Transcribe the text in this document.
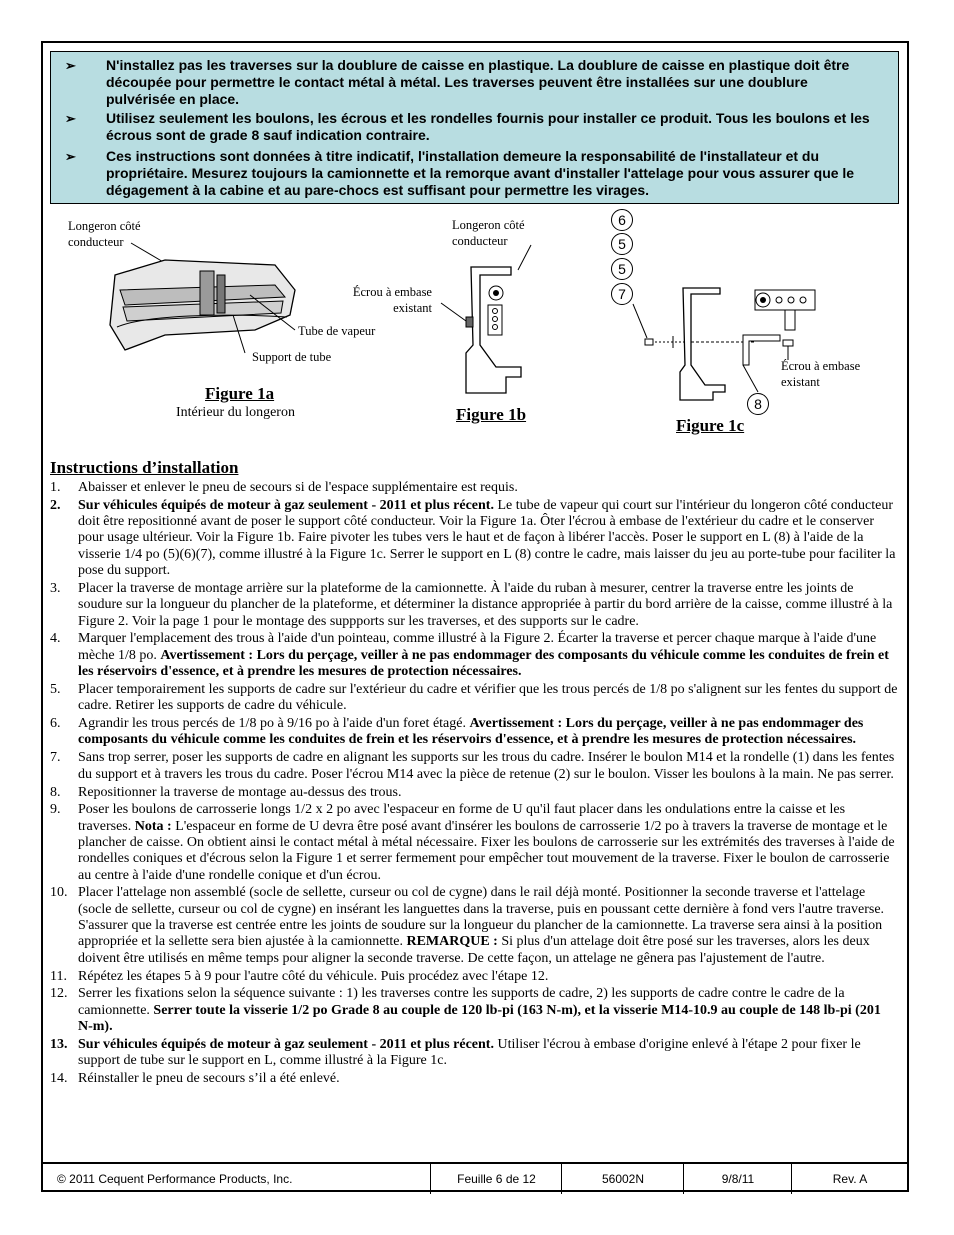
➢ N'installez pas les traverses sur la doublure de caisse en plastique. La doublure de caisse en plastique doit être découpée pour permettre le contact métal à métal. Les traverses peuvent être installées sur une doublure pulvérisée en place.
➢ Utilisez seulement les boulons, les écrous et les rondelles fournis pour installer ce produit. Tous les boulons et les écrous sont de grade 8 sauf indication contraire.
➢ Ces instructions sont données à titre indicatif, l'installation demeure la responsabilité de l'installateur et du propriétaire. Mesurez toujours la camionnette et la remorque avant d'installer l'attelage pour vous assurer que le dégagement à la cabine et au pare-chocs est suffisant pour permettre les virages.
Longeron côté
conducteur
Tube de vapeur
Support de tube
Figure 1a
Intérieur du longeron
Longeron côté
conducteur
Écrou à embase
existant
Figure 1b
6
5
5
7
Écrou à embase
existant
8
Figure 1c
Instructions d’installation
1. Abaisser et enlever le pneu de secours si de l'espace supplémentaire est requis.
2. Sur véhicules équipés de moteur à gaz seulement - 2011 et plus récent. Le tube de vapeur qui court sur l'intérieur du longeron côté conducteur doit être repositionné avant de poser le support côté conducteur. Voir la Figure 1a. Ôter l'écrou à embase de l'extérieur du cadre et le conserver pour usage ultérieur. Voir la Figure 1b. Faire pivoter les tubes vers le haut et de façon à libérer l'accès. Poser le support en L (8) à l'aide de la visserie 1/4 po (5)(6)(7), comme illustré à la Figure 1c. Serrer le support en L (8) contre le cadre, mais laisser du jeu au porte-tube pour faciliter la pose du support.
3. Placer la traverse de montage arrière sur la plateforme de la camionnette. À l'aide du ruban à mesurer, centrer la traverse entre les joints de soudure sur la longueur du plancher de la plateforme, et déterminer la distance appropriée à partir du bord arrière de la caisse, comme illustré à la Figure 2. Voir la page 1 pour le montage des suppports sur les traverses, et des supports sur le cadre.
4. Marquer l'emplacement des trous à l'aide d'un pointeau, comme illustré à la Figure 2. Écarter la traverse et percer chaque marque à l'aide d'une mèche 1/8 po. Avertissement : Lors du perçage, veiller à ne pas endommager des composants du véhicule comme les conduites de frein et les réservoirs d'essence, et à prendre les mesures de protection nécessaires.
5. Placer temporairement les supports de cadre sur l'extérieur du cadre et vérifier que les trous percés de 1/8 po s'alignent sur les fentes du support de cadre. Retirer les supports de cadre du véhicule.
6. Agrandir les trous percés de 1/8 po à 9/16 po à l'aide d'un foret étagé. Avertissement : Lors du perçage, veiller à ne pas endommager des composants du véhicule comme les conduites de frein et les réservoirs d'essence, et à prendre les mesures de protection nécessaires.
7. Sans trop serrer, poser les supports de cadre en alignant les supports sur les trous du cadre. Insérer le boulon M14 et la rondelle (1) dans les fentes du support et à travers les trous du cadre. Poser l'écrou M14 avec la pièce de retenue (2) sur le boulon. Visser les boulons à la main. Ne pas serrer.
8. Repositionner la traverse de montage au-dessus des trous.
9. Poser les boulons de carrosserie longs 1/2 x 2 po avec l'espaceur en forme de U qu'il faut placer dans les ondulations entre la caisse et les traverses. Nota : L'espaceur en forme de U devra être posé avant d'insérer les boulons de carrosserie 1/2 po à travers la traverse de montage et le plancher de caisse. On obtient ainsi le contact métal à métal nécessaire. Fixer les boulons de carrosserie sur les extrémités des traverses à l'aide de rondelles coniques et d'écrous selon la Figure 1 et serrer fermement pour empêcher tout mouvement de la traverse. Fixer le boulon de carrosserie au centre à l'aide d'une rondelle conique et d'un écrou.
10. Placer l'attelage non assemblé (socle de sellette, curseur ou col de cygne) dans le rail déjà monté. Positionner la seconde traverse et l'attelage (socle de sellette, curseur ou col de cygne) en insérant les languettes dans la traverse, puis en poussant cette dernière à fond vers l'autre traverse. S'assurer que la traverse est centrée entre les joints de soudure sur la longueur du plancher de la camionnette. La traverse sera ainsi à la position appropriée et la sellette sera bien ajustée à la camionnette. REMARQUE : Si plus d'un attelage doit être posé sur les traverses, alors les deux doivent être utilisés en même temps pour aligner la seconde traverse. De cette façon, un attelage ne gênera pas l'ajustement de l'autre.
11. Répétez les étapes 5 à 9 pour l'autre côté du véhicule. Puis procédez avec l'étape 12.
12. Serrer les fixations selon la séquence suivante : 1) les traverses contre les supports de cadre, 2) les supports de cadre contre le cadre de la camionnette. Serrer toute la visserie 1/2 po Grade 8 au couple de 120 lb-pi (163 N-m), et la visserie M14-10.9 au couple de 148 lb-pi (201 N-m).
13. Sur véhicules équipés de moteur à gaz seulement - 2011 et plus récent. Utiliser l'écrou à embase d'origine enlevé à l'étape 2 pour fixer le support de tube sur le support en L, comme illustré à la Figure 1c.
14. Réinstaller le pneu de secours s’il a été enlevé.
© 2011 Cequent Performance Products, Inc.	Feuille 6 de 12	56002N	9/8/11	Rev. A
